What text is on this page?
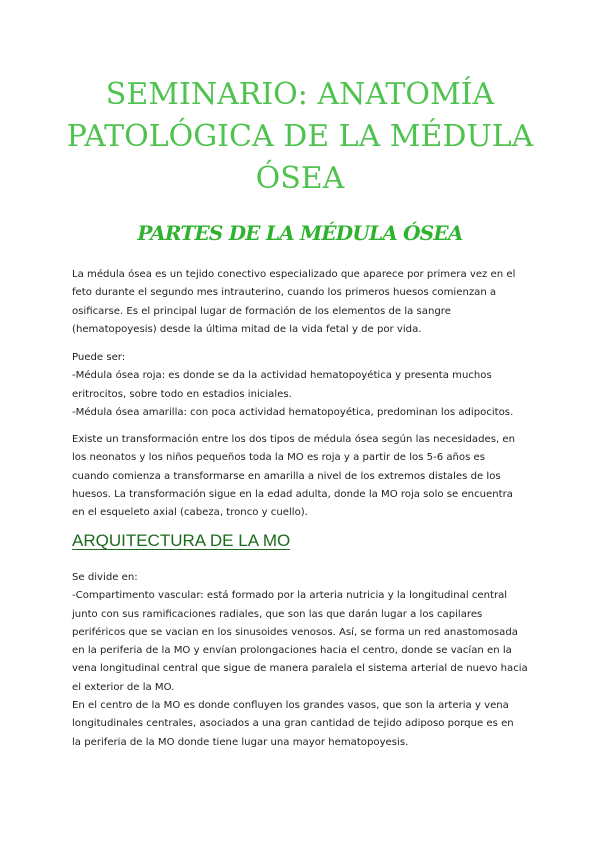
SEMINARIO: ANATOMÍA PATOLÓGICA DE LA MÉDULA ÓSEA
PARTES DE LA MÉDULA ÓSEA

La médula ósea es un tejido conectivo especializado que aparece por primera vez en el
feto durante el segundo mes intrauterino, cuando los primeros huesos comienzan a
osificarse. Es el principal lugar de formación de los elementos de la sangre
(hematopoyesis) desde la última mitad de la vida fetal y de por vida.

Puede ser:
-Médula ósea roja: es donde se da la actividad hematopoyética y presenta muchos
eritrocitos, sobre todo en estadios iniciales.
-Médula ósea amarilla: con poca actividad hematopoyética, predominan los adipocitos.

Existe un transformación entre los dos tipos de médula ósea según las necesidades, en
los neonatos y los niños pequeños toda la MO es roja y a partir de los 5-6 años es
cuando comienza a transformarse en amarilla a nivel de los extremos distales de los
huesos. La transformación sigue en la edad adulta, donde la MO roja solo se encuentra
en el esqueleto axial (cabeza, tronco y cuello).

ARQUITECTURA DE LA MO

Se divide en:
-Compartimento vascular: está formado por la arteria nutricia y la longitudinal central
junto con sus ramificaciones radiales, que son las que darán lugar a los capilares
periféricos que se vacian en los sinusoides venosos. Así, se forma un red anastomosada
en la periferia de la MO y envían prolongaciones hacia el centro, donde se vacían en la
vena longitudinal central que sigue de manera paralela el sistema arterial de nuevo hacia
el exterior de la MO.
En el centro de la MO es donde confluyen los grandes vasos, que son la arteria y vena
longitudinales centrales, asociados a una gran cantidad de tejido adiposo porque es en
la periferia de la MO donde tiene lugar una mayor hematopoyesis.
